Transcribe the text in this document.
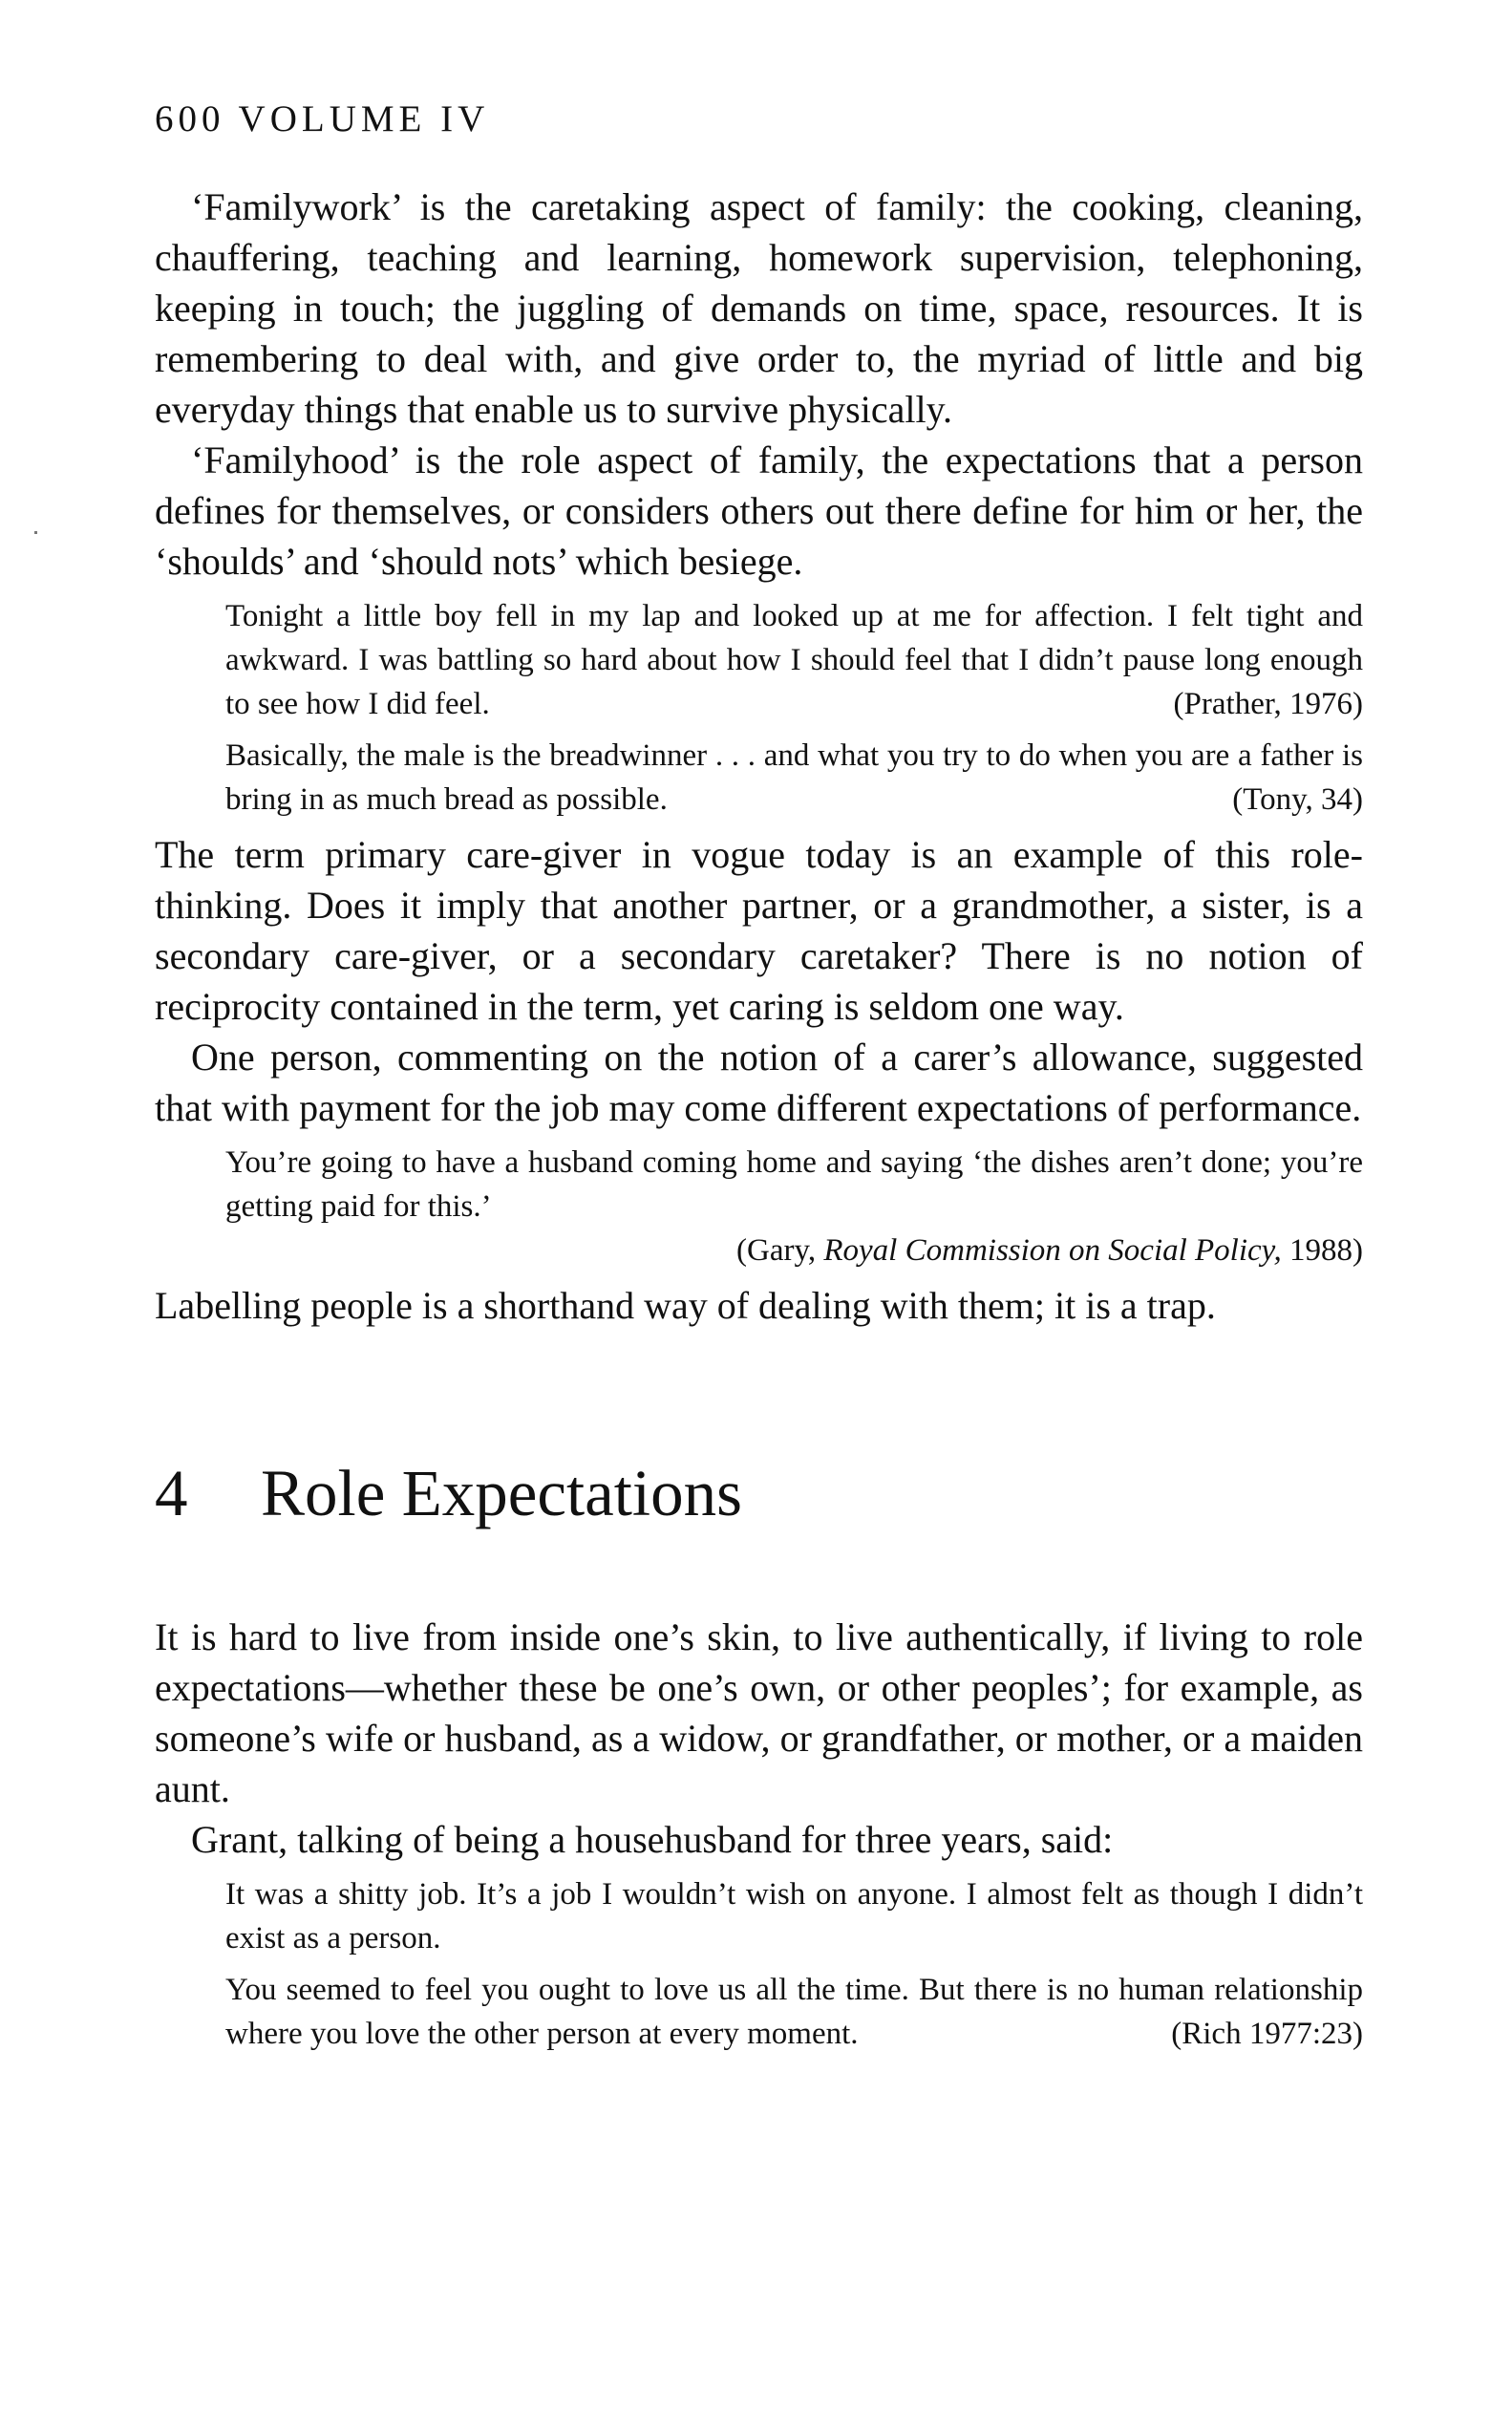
600 VOLUME IV

‘Familywork’ is the caretaking aspect of family: the cooking, cleaning, chauffering, teaching and learning, homework supervision, telephoning, keeping in touch; the juggling of demands on time, space, resources. It is remembering to deal with, and give order to, the myriad of little and big everyday things that enable us to survive physically.

‘Familyhood’ is the role aspect of family, the expectations that a person defines for themselves, or considers others out there define for him or her, the ‘shoulds’ and ‘should nots’ which besiege.

Tonight a little boy fell in my lap and looked up at me for affection. I felt tight and awkward. I was battling so hard about how I should feel that I didn’t pause long enough to see how I did feel.	(Prather, 1976)
Basically, the male is the breadwinner . . . and what you try to do when you are a father is bring in as much bread as possible.	(Tony, 34)

The term primary care-giver in vogue today is an example of this role-thinking. Does it imply that another partner, or a grandmother, a sister, is a secondary care-giver, or a secondary caretaker? There is no notion of reciprocity contained in the term, yet caring is seldom one way.

One person, commenting on the notion of a carer’s allowance, suggested that with payment for the job may come different expectations of performance.

You’re going to have a husband coming home and saying ‘the dishes aren’t done; you’re getting paid for this.’
(Gary, Royal Commission on Social Policy, 1988)

Labelling people is a shorthand way of dealing with them; it is a trap.

4 Role Expectations

It is hard to live from inside one’s skin, to live authentically, if living to role expectations—whether these be one’s own, or other peoples’; for example, as someone’s wife or husband, as a widow, or grandfather, or mother, or a maiden aunt.

Grant, talking of being a househusband for three years, said:

It was a shitty job. It’s a job I wouldn’t wish on anyone. I almost felt as though I didn’t exist as a person.
You seemed to feel you ought to love us all the time. But there is no human relationship where you love the other person at every moment.	(Rich 1977:23)
